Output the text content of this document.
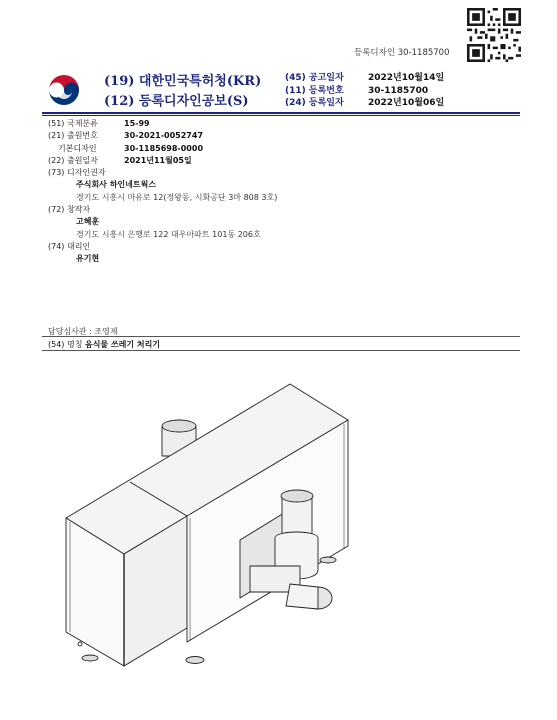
등록디자인 30-1185700
(19) 대한민국특허청(KR)
(12) 등록디자인공보(S)
(45) 공고일자	2022년10월14일
(11) 등록번호	30-1185700
(24) 등록일자	2022년10월06일
(51) 국제분류	15-99
(21) 출원번호	30-2021-0052747
기본디자인	30-1185698-0000
(22) 출원일자	2021년11월05일
(73) 디자인권자
주식회사 하인네트웍스
경기도 시흥시 마유로 12(정왕동, 시화공단 3마 808 3호)
(72) 창작자
고혜훈
경기도 시흥시 은행로 122 대우아파트 101동 206호
(74) 대리인
유기현
담당심사관 : 조영제
(54) 명칭 음식물 쓰레기 처리기
